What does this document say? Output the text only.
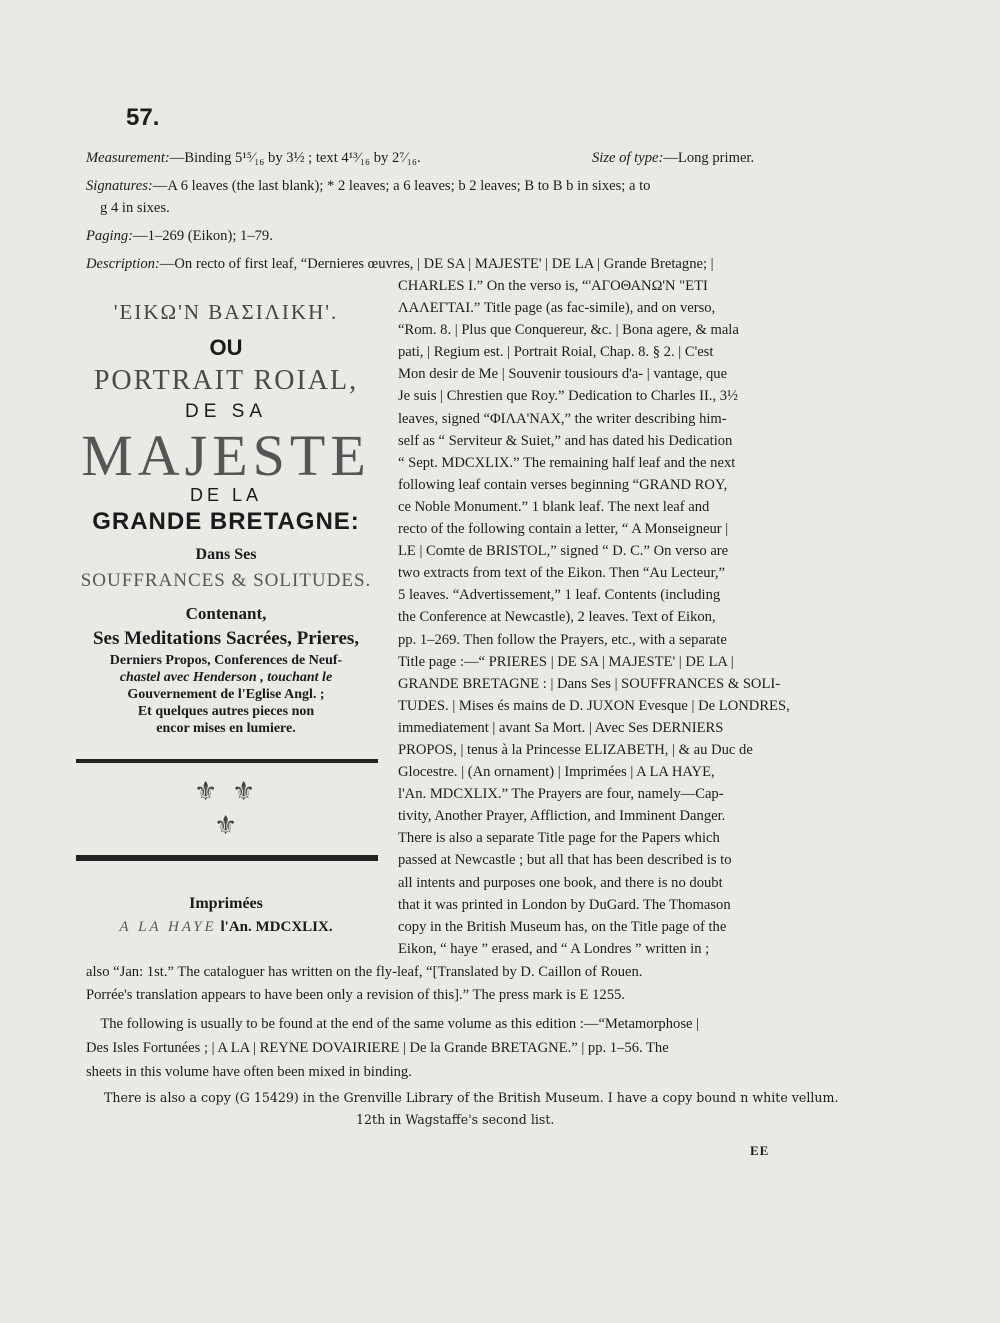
57.
Measurement:—Binding 5¹⁵⁄₁₆ by 3½ ; text 4¹³⁄₁₆ by 2⁷⁄₁₆.	Size of type:—Long primer.
Signatures:—A 6 leaves (the last blank); * 2 leaves; a 6 leaves; b 2 leaves; B to B b in sixes; a to
g 4 in sixes.
Paging:—1–269 (Eikon); 1–79.
Description:—On recto of first leaf, “Dernieres œuvres, | DE SA | MAJESTE' | DE LA | Grande Bretagne; |
CHARLES I.” On the verso is, “'ΑΓΟΘΑΝΩ'Ν "ΕΤΙ
ΛΑΛΕΓΤΑΙ.” Title page (as fac-simile), and on verso,
“Rom. 8. | Plus que Conquereur, &c. | Bona agere, & mala
pati, | Regium est. | Portrait Roial, Chap. 8. § 2. | C'est
Mon desir de Me | Souvenir tousiours d'a- | vantage, que
Je suis | Chrestien que Roy.” Dedication to Charles II., 3½
leaves, signed “ΦΙΛΑ'ΝΑΧ,” the writer describing him-
self as “ Serviteur & Suiet,” and has dated his Dedication
“ Sept. MDCXLIX.” The remaining half leaf and the next
following leaf contain verses beginning “GRAND ROY,
ce Noble Monument.” 1 blank leaf. The next leaf and
recto of the following contain a letter, “ A Monseigneur |
LE | Comte de BRISTOL,” signed “ D. C.” On verso are
two extracts from text of the Eikon. Then “Au Lecteur,”
5 leaves. “Advertissement,” 1 leaf. Contents (including
the Conference at Newcastle), 2 leaves. Text of Eikon,
pp. 1–269. Then follow the Prayers, etc., with a separate
Title page :—“ PRIERES | DE SA | MAJESTE' | DE LA |
GRANDE BRETAGNE : | Dans Ses | SOUFFRANCES & SOLI-
TUDES. | Mises és mains de D. JUXON Evesque | De LONDRES,
immediatement | avant Sa Mort. | Avec Ses DERNIERS
PROPOS, | tenus à la Princesse ELIZABETH, | & au Duc de
Glocestre. | (An ornament) | Imprimées | A LA HAYE,
l'An. MDCXLIX.” The Prayers are four, namely—Cap-
tivity, Another Prayer, Affliction, and Imminent Danger.
There is also a separate Title page for the Papers which
passed at Newcastle ; but all that has been described is to
all intents and purposes one book, and there is no doubt
that it was printed in London by DuGard. The Thomason
copy in the British Museum has, on the Title page of the
Eikon, “ haye ” erased, and “ A Londres ” written in ;
'ΕΙΚΩ'Ν ΒΑΣΙΛΙΚΗ'.
OU
PORTRAIT ROIAL,
DE SA
MAJESTE
DE LA
GRANDE BRETAGNE:
Dans Ses
SOUFFRANCES & SOLITUDES.
Contenant,
Ses Meditations Sacrées, Prieres,
Derniers Propos, Conferences de Neuf-
chastel avec Henderson , touchant le
Gouvernement de l'Eglise Angl. ;
Et quelques autres pieces non
encor mises en lumiere.
⚜ ⚜
⚜
Imprimées
A LA HAYE l'An. MDCXLIX.
also “Jan: 1st.” The cataloguer has written on the fly-leaf, “[Translated by D. Caillon of Rouen.
Porrée's translation appears to have been only a revision of this].” The press mark is E 1255.
The following is usually to be found at the end of the same volume as this edition :—“Metamorphose |
Des Isles Fortunées ; | A LA | REYNE DOVAIRIERE | De la Grande BRETAGNE.” | pp. 1–56. The
sheets in this volume have often been mixed in binding.
There is also a copy (G 15429) in the Grenville Library of the British Museum. I have a copy bound n white vellum.
12th in Wagstaffe's second list.
EE
